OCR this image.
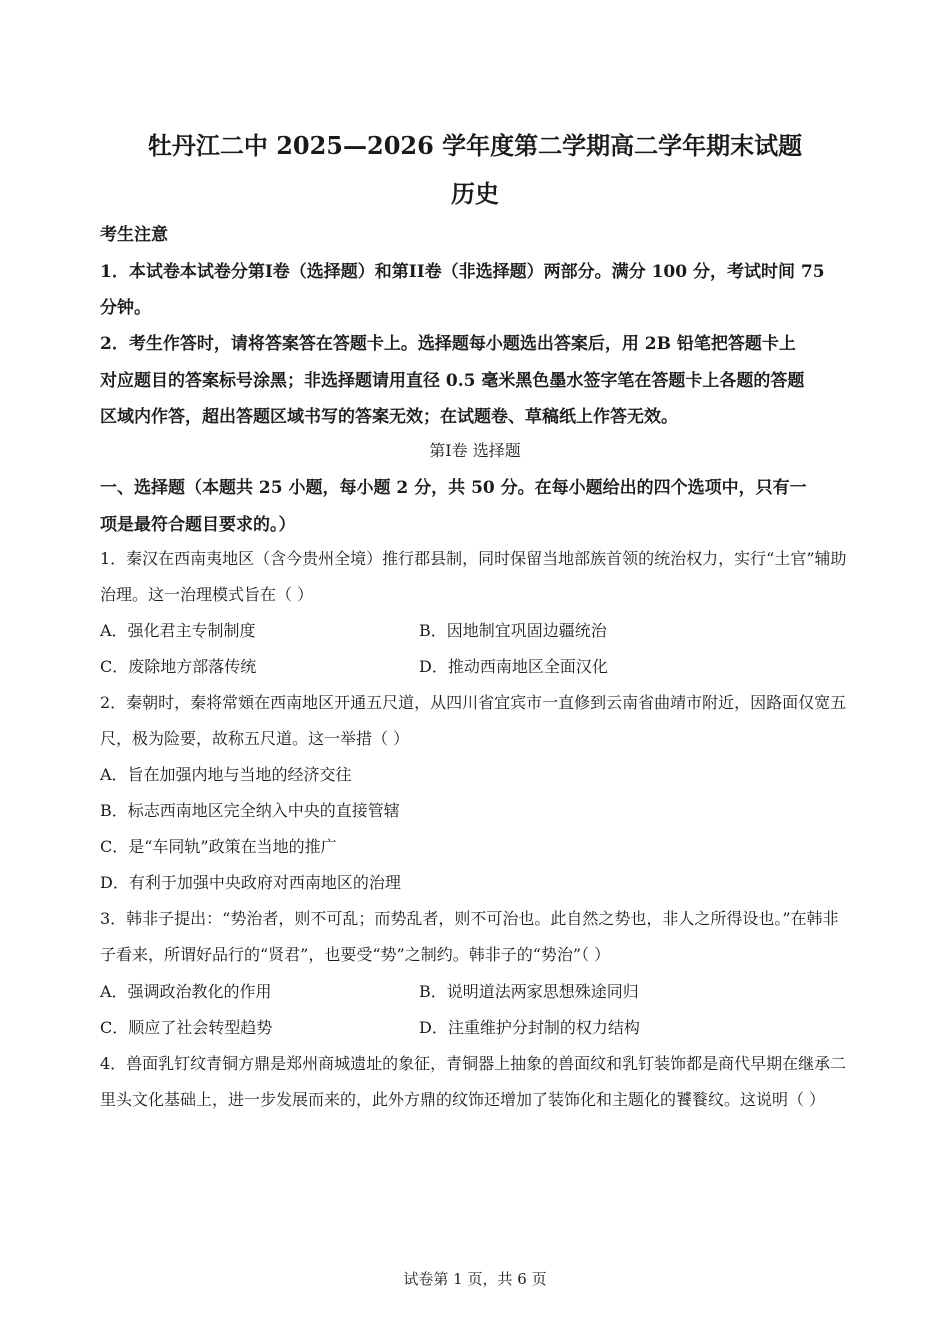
牡丹江二中 2025—2026 学年度第二学期高二学年期末试题
历史
考生注意
1．本试卷本试卷分第I卷（选择题）和第II卷（非选择题）两部分。满分 100 分，考试时间 75
分钟。
2．考生作答时，请将答案答在答题卡上。选择题每小题选出答案后，用 2B 铅笔把答题卡上
对应题目的答案标号涂黑；非选择题请用直径 0.5 毫米黑色墨水签字笔在答题卡上各题的答题
区域内作答，超出答题区域书写的答案无效；在试题卷、草稿纸上作答无效。
第I卷 选择题
一、选择题（本题共 25 小题，每小题 2 分，共 50 分。在每小题给出的四个选项中，只有一
项是最符合题目要求的。）
1．秦汉在西南夷地区（含今贵州全境）推行郡县制，同时保留当地部族首领的统治权力，实行“土官”辅助
治理。这一治理模式旨在（ ）
A．强化君主专制制度	B．因地制宜巩固边疆统治
C．废除地方部落传统	D．推动西南地区全面汉化
2．秦朝时，秦将常頞在西南地区开通五尺道，从四川省宜宾市一直修到云南省曲靖市附近，因路面仅宽五
尺，极为险要，故称五尺道。这一举措（ ）
A．旨在加强内地与当地的经济交往
B．标志西南地区完全纳入中央的直接管辖
C．是“车同轨”政策在当地的推广
D．有利于加强中央政府对西南地区的治理
3．韩非子提出：“势治者，则不可乱；而势乱者，则不可治也。此自然之势也，非人之所得设也。”在韩非
子看来，所谓好品行的“贤君”，也要受“势”之制约。韩非子的“势治”（ ）
A．强调政治教化的作用	B．说明道法两家思想殊途同归
C．顺应了社会转型趋势	D．注重维护分封制的权力结构
4．兽面乳钉纹青铜方鼎是郑州商城遗址的象征，青铜器上抽象的兽面纹和乳钉装饰都是商代早期在继承二
里头文化基础上，进一步发展而来的，此外方鼎的纹饰还增加了装饰化和主题化的饕餮纹。这说明（ ）
试卷第 1 页，共 6 页
